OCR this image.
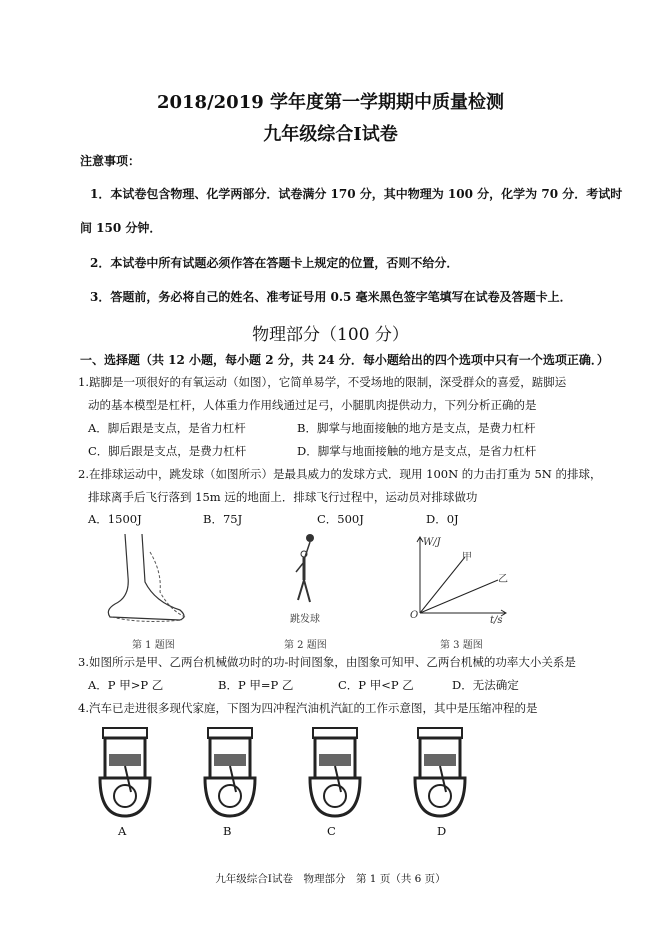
2018/2019 学年度第一学期期中质量检测
九年级综合Ⅰ试卷
注意事项：
1．本试卷包含物理、化学两部分．试卷满分 170 分，其中物理为 100 分，化学为 70 分．考试时
间 150 分钟．
2．本试卷中所有试题必须作答在答题卡上规定的位置，否则不给分．
3．答题前，务必将自己的姓名、准考证号用 0.5 毫米黑色签字笔填写在试卷及答题卡上．
物理部分（100 分）
一、选择题（共 12 小题，每小题 2 分，共 24 分．每小题给出的四个选项中只有一个选项正确．）
1.踮脚是一项很好的有氧运动（如图），它简单易学，不受场地的限制，深受群众的喜爱，踮脚运
动的基本模型是杠杆，人体重力作用线通过足弓，小腿肌肉提供动力，下列分析正确的是
A．脚后跟是支点，是省力杠杆	B．脚掌与地面接触的地方是支点，是费力杠杆
C．脚后跟是支点，是费力杠杆	D．脚掌与地面接触的地方是支点，是省力杠杆
2.在排球运动中，跳发球（如图所示）是最具威力的发球方式．现用 100N 的力击打重为 5N 的排球，
排球离手后飞行落到 15m 远的地面上．排球飞行过程中，运动员对排球做功
A．1500J	B．75J	C．500J	D．0J
第 1 题图
跳发球
第 2 题图
W/J
t/s
O
甲
乙
第 3 题图
3.如图所示是甲、乙两台机械做功时的功-时间图象，由图象可知甲、乙两台机械的功率大小关系是
A．P 甲>P 乙	B．P 甲=P 乙	C．P 甲<P 乙	D．无法确定
4.汽车已走进很多现代家庭，下图为四冲程汽油机汽缸的工作示意图，其中是压缩冲程的是
A	B	C	D
九年级综合Ⅰ试卷　物理部分　第 1 页（共 6 页）
